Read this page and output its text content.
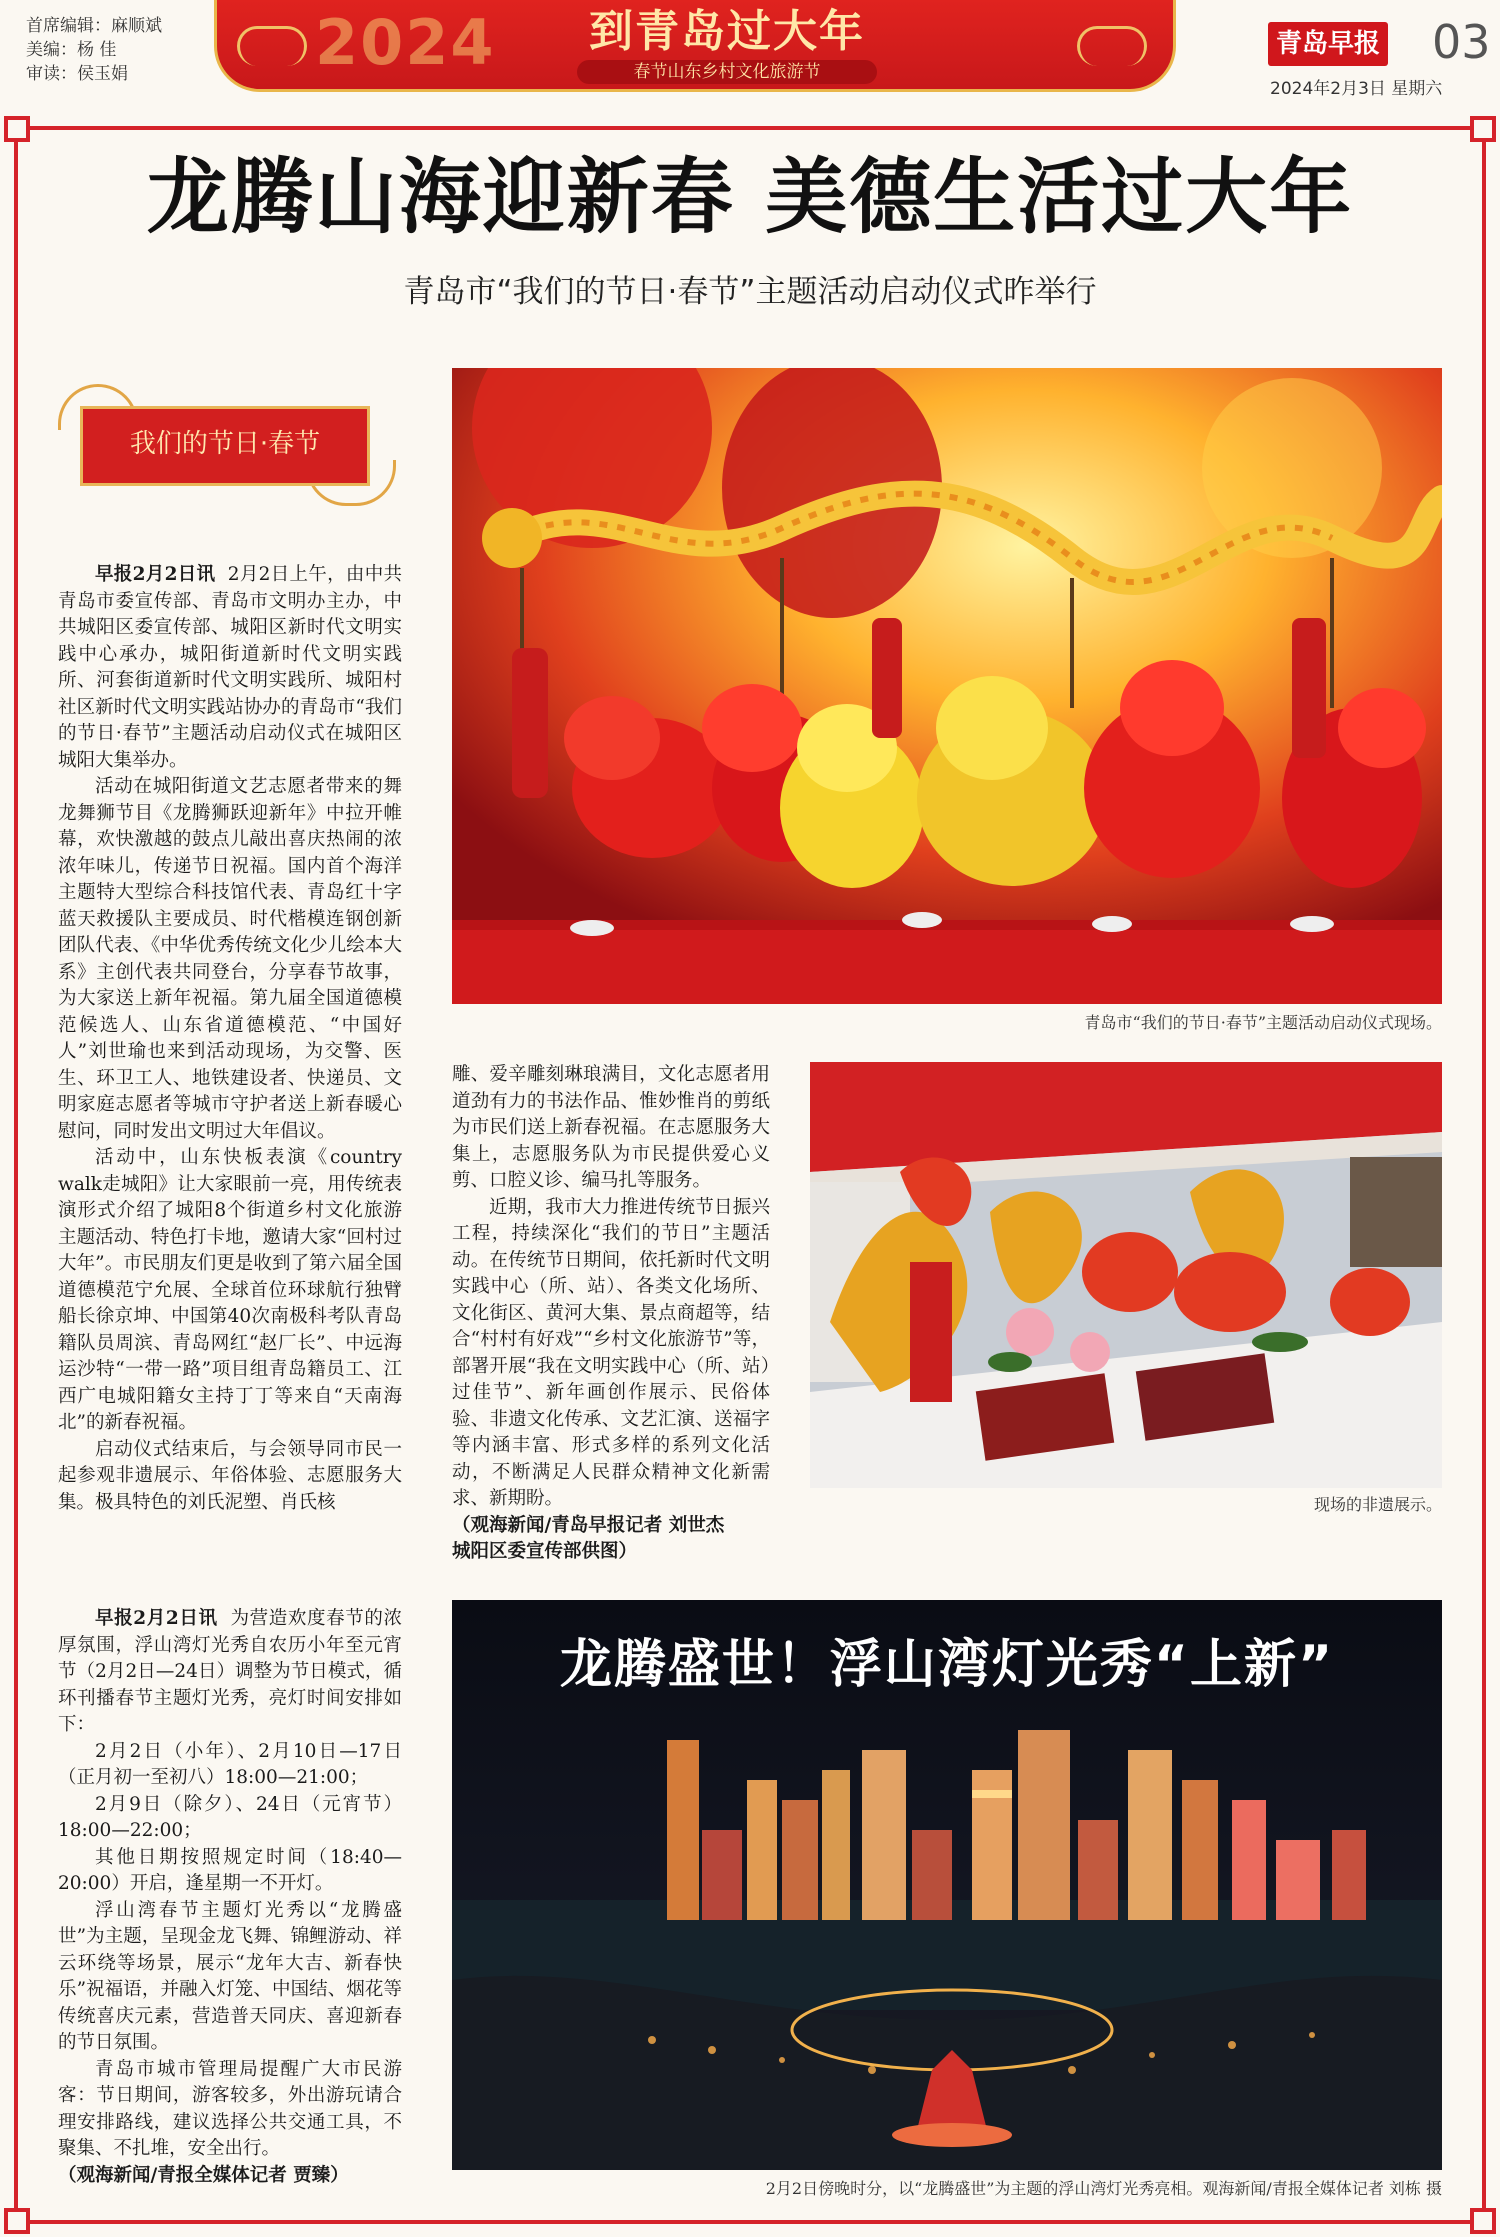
首席编辑：麻顺斌
美编：杨 佳
审读：侯玉娟	2024	到青岛过大年
春节山东乡村文化旅游节
青岛早报 03
2024年2月3日 星期六
龙腾山海迎新春 美德生活过大年
青岛市“我们的节日·春节”主题活动启动仪式昨举行
我们的节日·春节

早报2月2日讯 2月2日上午，由中共青岛市委宣传部、青岛市文明办主办，中共城阳区委宣传部、城阳区新时代文明实践中心承办，城阳街道新时代文明实践所、河套街道新时代文明实践所、城阳村社区新时代文明实践站协办的青岛市“我们的节日·春节”主题活动启动仪式在城阳区城阳大集举办。

活动在城阳街道文艺志愿者带来的舞龙舞狮节目《龙腾狮跃迎新年》中拉开帷幕，欢快激越的鼓点儿敲出喜庆热闹的浓浓年味儿，传递节日祝福。国内首个海洋主题特大型综合科技馆代表、青岛红十字蓝天救援队主要成员、时代楷模连钢创新团队代表、《中华优秀传统文化少儿绘本大系》主创代表共同登台，分享春节故事，为大家送上新年祝福。第九届全国道德模范候选人、山东省道德模范、“中国好人”刘世瑜也来到活动现场，为交警、医生、环卫工人、地铁建设者、快递员、文明家庭志愿者等城市守护者送上新春暖心慰问，同时发出文明过大年倡议。

活动中，山东快板表演《country walk走城阳》让大家眼前一亮，用传统表演形式介绍了城阳8个街道乡村文化旅游主题活动、特色打卡地，邀请大家“回村过大年”。市民朋友们更是收到了第六届全国道德模范宁允展、全球首位环球航行独臂船长徐京坤、中国第40次南极科考队青岛籍队员周滨、青岛网红“赵厂长”、中远海运沙特“一带一路”项目组青岛籍员工、江西广电城阳籍女主持丁丁等来自“天南海北”的新春祝福。

启动仪式结束后，与会领导同市民一起参观非遗展示、年俗体验、志愿服务大集。极具特色的刘氏泥塑、肖氏核

青岛市“我们的节日·春节”主题活动启动仪式现场。

雕、爱辛雕刻琳琅满目，文化志愿者用道劲有力的书法作品、惟妙惟肖的剪纸为市民们送上新春祝福。在志愿服务大集上，志愿服务队为市民提供爱心义剪、口腔义诊、编马扎等服务。

近期，我市大力推进传统节日振兴工程，持续深化“我们的节日”主题活动。在传统节日期间，依托新时代文明实践中心（所、站）、各类文化场所、文化街区、黄河大集、景点商超等，结合“村村有好戏”“乡村文化旅游节”等，部署开展“我在文明实践中心（所、站）过佳节”、新年画创作展示、民俗体验、非遗文化传承、文艺汇演、送福字等内涵丰富、形式多样的系列文化活动，不断满足人民群众精神文化新需求、新期盼。

（观海新闻/青岛早报记者 刘世杰

城阳区委宣传部供图）

现场的非遗展示。

早报2月2日讯 为营造欢度春节的浓厚氛围，浮山湾灯光秀自农历小年至元宵节（2月2日—24日）调整为节日模式，循环刊播春节主题灯光秀，亮灯时间安排如下：

2月2日（小年）、2月10日—17日（正月初一至初八）18:00—21:00；

2月9日（除夕）、24日（元宵节）18:00—22:00；

其他日期按照规定时间（18:40—20:00）开启，逢星期一不开灯。

浮山湾春节主题灯光秀以“龙腾盛世”为主题，呈现金龙飞舞、锦鲤游动、祥云环绕等场景，展示“龙年大吉、新春快乐”祝福语，并融入灯笼、中国结、烟花等传统喜庆元素，营造普天同庆、喜迎新春的节日氛围。

青岛市城市管理局提醒广大市民游客：节日期间，游客较多，外出游玩请合理安排路线，建议选择公共交通工具，不聚集、不扎堆，安全出行。

（观海新闻/青报全媒体记者 贾臻）

龙腾盛世！浮山湾灯光秀“上新”
2月2日傍晚时分，以“龙腾盛世”为主题的浮山湾灯光秀亮相。观海新闻/青报全媒体记者 刘栋 摄
